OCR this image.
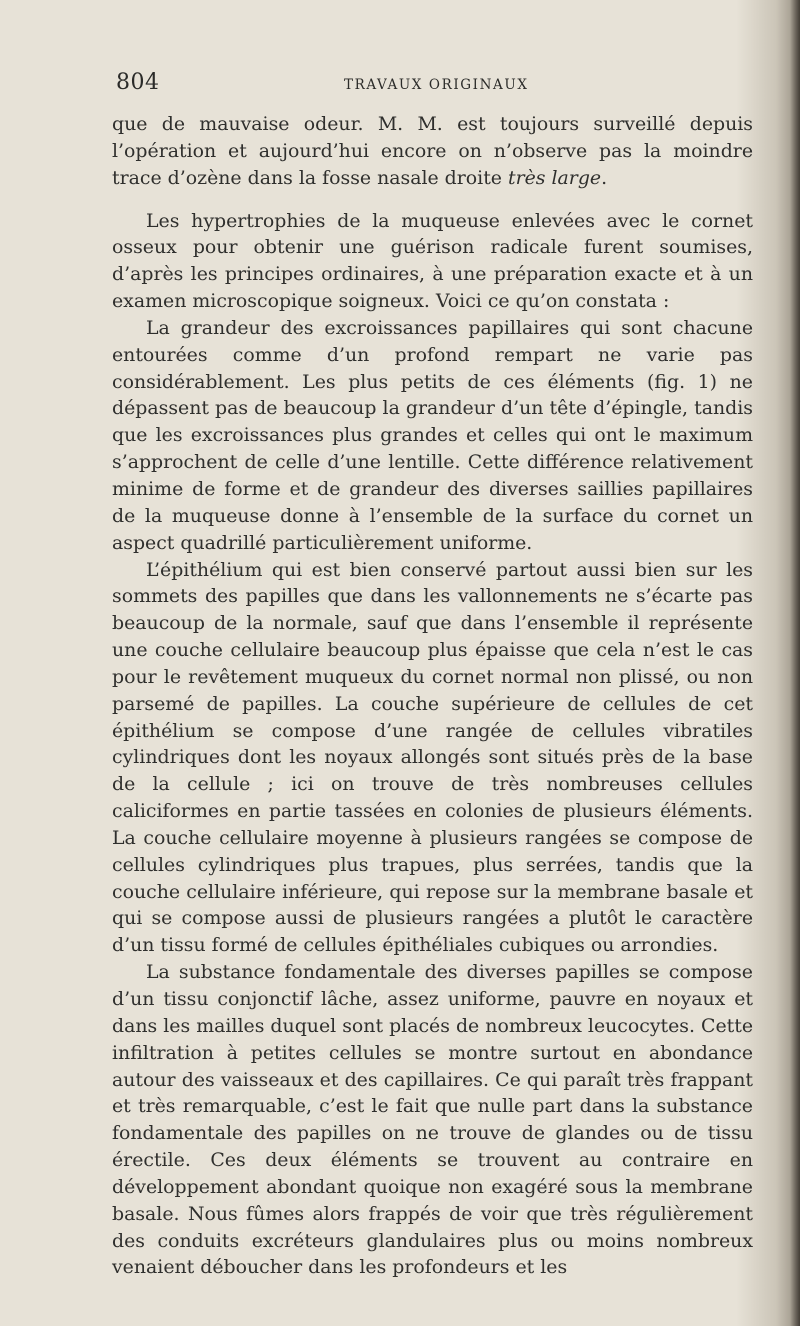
804	TRAVAUX ORIGINAUX

que de mauvaise odeur. M. M. est toujours surveillé depuis l’opération et aujourd’hui encore on n’observe pas la moindre trace d’ozène dans la fosse nasale droite très large.

Les hypertrophies de la muqueuse enlevées avec le cornet osseux pour obtenir une guérison radicale furent soumises, d’après les principes ordinaires, à une préparation exacte et à un examen microscopique soigneux. Voici ce qu’on constata :

La grandeur des excroissances papillaires qui sont chacune entourées comme d’un profond rempart ne varie pas considérablement. Les plus petits de ces éléments (fig. 1) ne dépassent pas de beaucoup la grandeur d’un tête d’épingle, tandis que les excroissances plus grandes et celles qui ont le maximum s’approchent de celle d’une lentille. Cette différence relativement minime de forme et de grandeur des diverses saillies papillaires de la muqueuse donne à l’ensemble de la surface du cornet un aspect quadrillé particulièrement uniforme.

L’épithélium qui est bien conservé partout aussi bien sur les sommets des papilles que dans les vallonnements ne s’écarte pas beaucoup de la normale, sauf que dans l’ensemble il représente une couche cellulaire beaucoup plus épaisse que cela n’est le cas pour le revêtement muqueux du cornet normal non plissé, ou non parsemé de papilles. La couche supérieure de cellules de cet épithélium se compose d’une rangée de cellules vibratiles cylindriques dont les noyaux allongés sont situés près de la base de la cellule ; ici on trouve de très nombreuses cellules caliciformes en partie tassées en colonies de plusieurs éléments. La couche cellulaire moyenne à plusieurs rangées se compose de cellules cylindriques plus trapues, plus serrées, tandis que la couche cellulaire inférieure, qui repose sur la membrane basale et qui se compose aussi de plusieurs rangées a plutôt le caractère d’un tissu formé de cellules épithéliales cubiques ou arrondies.

La substance fondamentale des diverses papilles se compose d’un tissu conjonctif lâche, assez uniforme, pauvre en noyaux et dans les mailles duquel sont placés de nombreux leucocytes. Cette infiltration à petites cellules se montre surtout en abondance autour des vaisseaux et des capillaires. Ce qui paraît très frappant et très remarquable, c’est le fait que nulle part dans la substance fondamentale des papilles on ne trouve de glandes ou de tissu érectile. Ces deux éléments se trouvent au contraire en développement abondant quoique non exagéré sous la membrane basale. Nous fûmes alors frappés de voir que très régulièrement des conduits excréteurs glandulaires plus ou moins nombreux venaient déboucher dans les profondeurs et les
